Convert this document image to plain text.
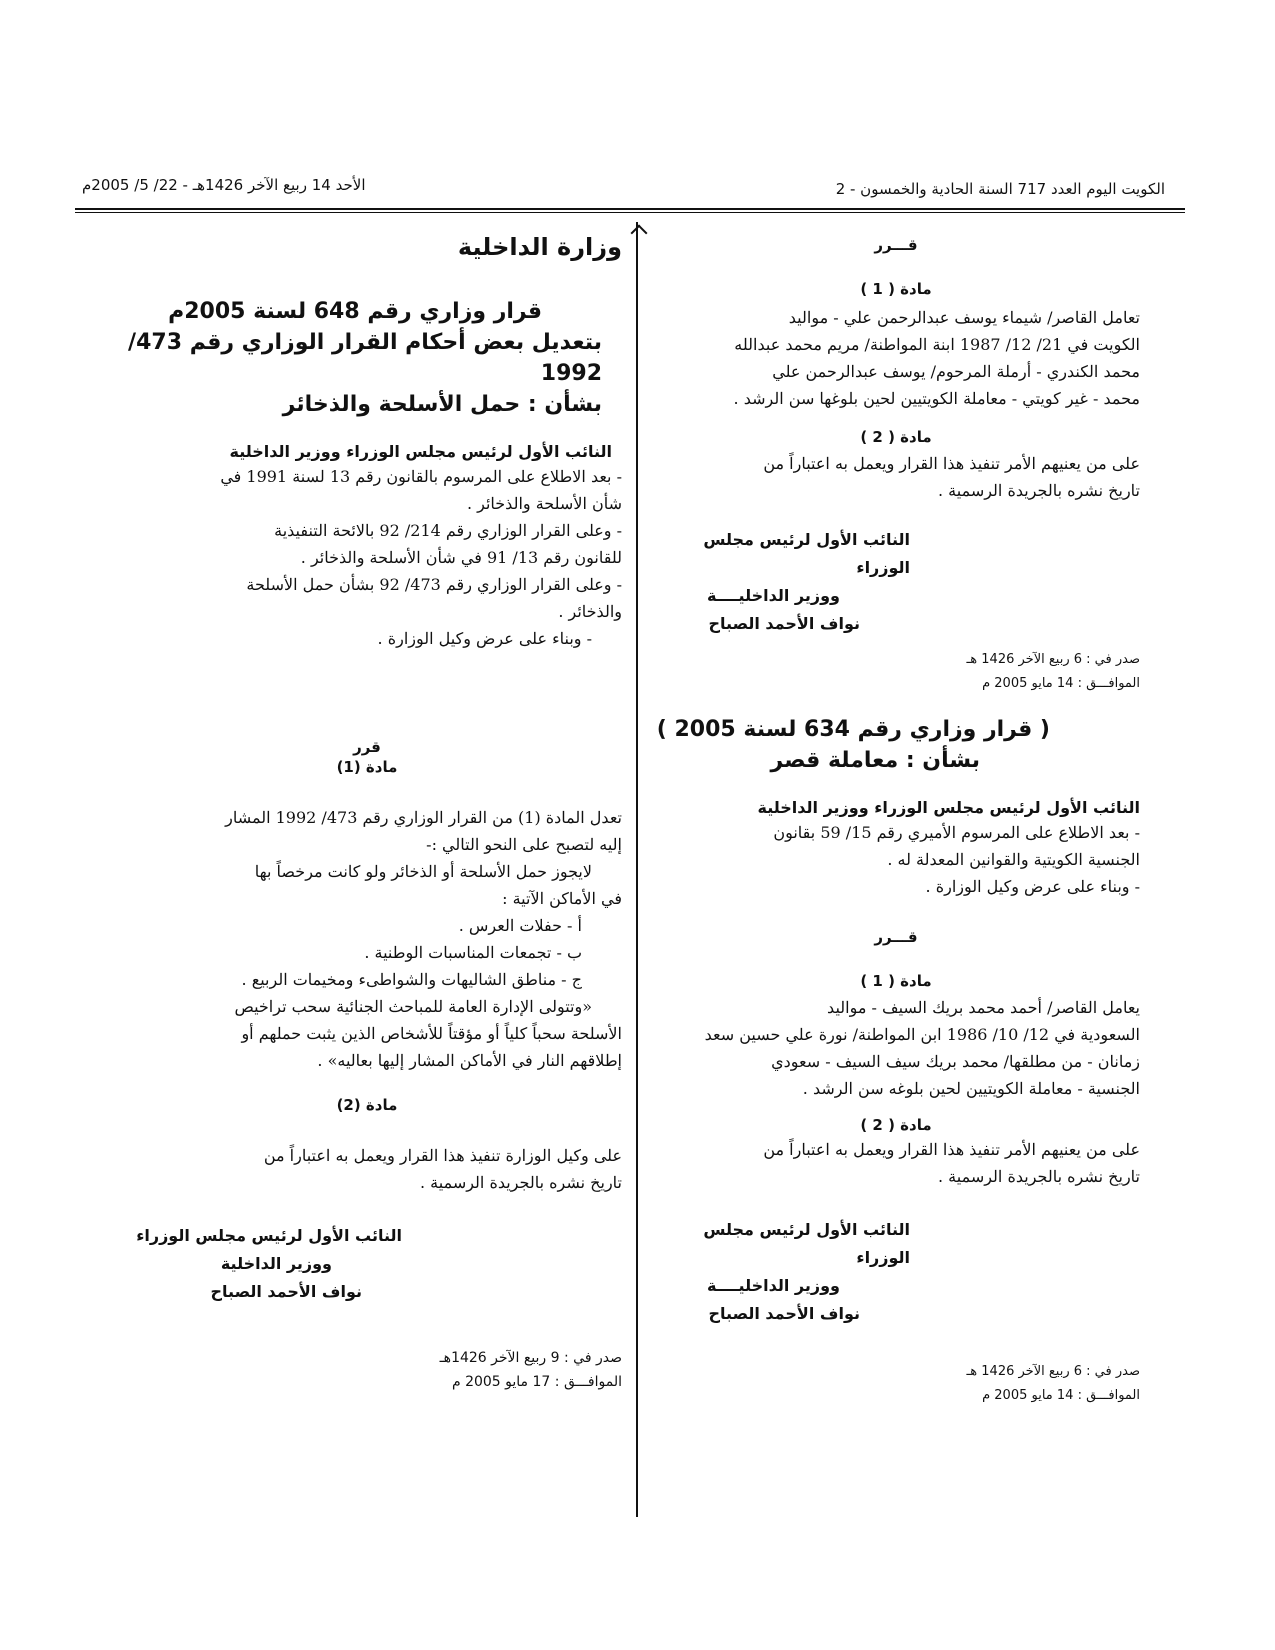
الأحد 14 ربيع الآخر 1426هـ - 22/ 5/ 2005م	الكويت اليوم العدد 717 السنة الحادية والخمسون - 2

قـــرر

مادة ( 1 )

تعامل القاصر/ شيماء يوسف عبدالرحمن علي - مواليد

الكويت في 21/ 12/ 1987 ابنة المواطنة/ مريم محمد عبدالله

محمد الكندري - أرملة المرحوم/ يوسف عبدالرحمن علي

محمد - غير كويتي - معاملة الكويتيين لحين بلوغها سن الرشد .

مادة ( 2 )

على من يعنيهم الأمر تنفيذ هذا القرار ويعمل به اعتباراً من

تاريخ نشره بالجريدة الرسمية .

النائب الأول لرئيس مجلس الوزراء

ووزير الداخليــــة

نواف الأحمد الصباح

صدر في : 6 ربيع الآخر 1426 هـ

الموافـــق : 14 مايو 2005 م

( قرار وزاري رقم 634 لسنة 2005 )

بشأن : معاملة قصر

النائب الأول لرئيس مجلس الوزراء ووزير الداخلية

- بعد الاطلاع على المرسوم الأميري رقم 15/ 59 بقانون

الجنسية الكويتية والقوانين المعدلة له .

- وبناء على عرض وكيل الوزارة .

قـــرر

مادة ( 1 )

يعامل القاصر/ أحمد محمد بريك السيف - مواليد

السعودية في 12/ 10/ 1986 ابن المواطنة/ نورة علي حسين سعد

زمانان - من مطلقها/ محمد بريك سيف السيف - سعودي

الجنسية - معاملة الكويتيين لحين بلوغه سن الرشد .

مادة ( 2 )

على من يعنيهم الأمر تنفيذ هذا القرار ويعمل به اعتباراً من

تاريخ نشره بالجريدة الرسمية .

النائب الأول لرئيس مجلس الوزراء

ووزير الداخليــــة

نواف الأحمد الصباح

صدر في : 6 ربيع الآخر 1426 هـ

الموافـــق : 14 مايو 2005 م

وزارة الداخلية

قرار وزاري رقم 648 لسنة 2005م

بتعديل بعض أحكام القرار الوزاري رقم 473/ 1992

بشأن : حمل الأسلحة والذخائر

النائب الأول لرئيس مجلس الوزراء ووزير الداخلية

- بعد الاطلاع على المرسوم بالقانون رقم 13 لسنة 1991 في

شأن الأسلحة والذخائر .

- وعلى القرار الوزاري رقم 214/ 92 بالائحة التنفيذية

للقانون رقم 13/ 91 في شأن الأسلحة والذخائر .

- وعلى القرار الوزاري رقم 473/ 92 بشأن حمل الأسلحة

والذخائر .

- وبناء على عرض وكيل الوزارة .

قرر

مادة (1)

تعدل المادة (1) من القرار الوزاري رقم 473/ 1992 المشار

إليه لتصبح على النحو التالي :-

لايجوز حمل الأسلحة أو الذخائر ولو كانت مرخصاً بها

في الأماكن الآتية :

أ - حفلات العرس .

ب - تجمعات المناسبات الوطنية .

ج - مناطق الشاليهات والشواطىء ومخيمات الربيع .

«وتتولى الإدارة العامة للمباحث الجنائية سحب تراخيص

الأسلحة سحباً كلياً أو مؤقتاً للأشخاص الذين يثبت حملهم أو

إطلاقهم النار في الأماكن المشار إليها بعاليه» .

مادة (2)

على وكيل الوزارة تنفيذ هذا القرار ويعمل به اعتباراً من

تاريخ نشره بالجريدة الرسمية .

النائب الأول لرئيس مجلس الوزراء

ووزير الداخلية

نواف الأحمد الصباح

صدر في : 9 ربيع الآخر 1426هـ

الموافـــق : 17 مايو 2005 م
